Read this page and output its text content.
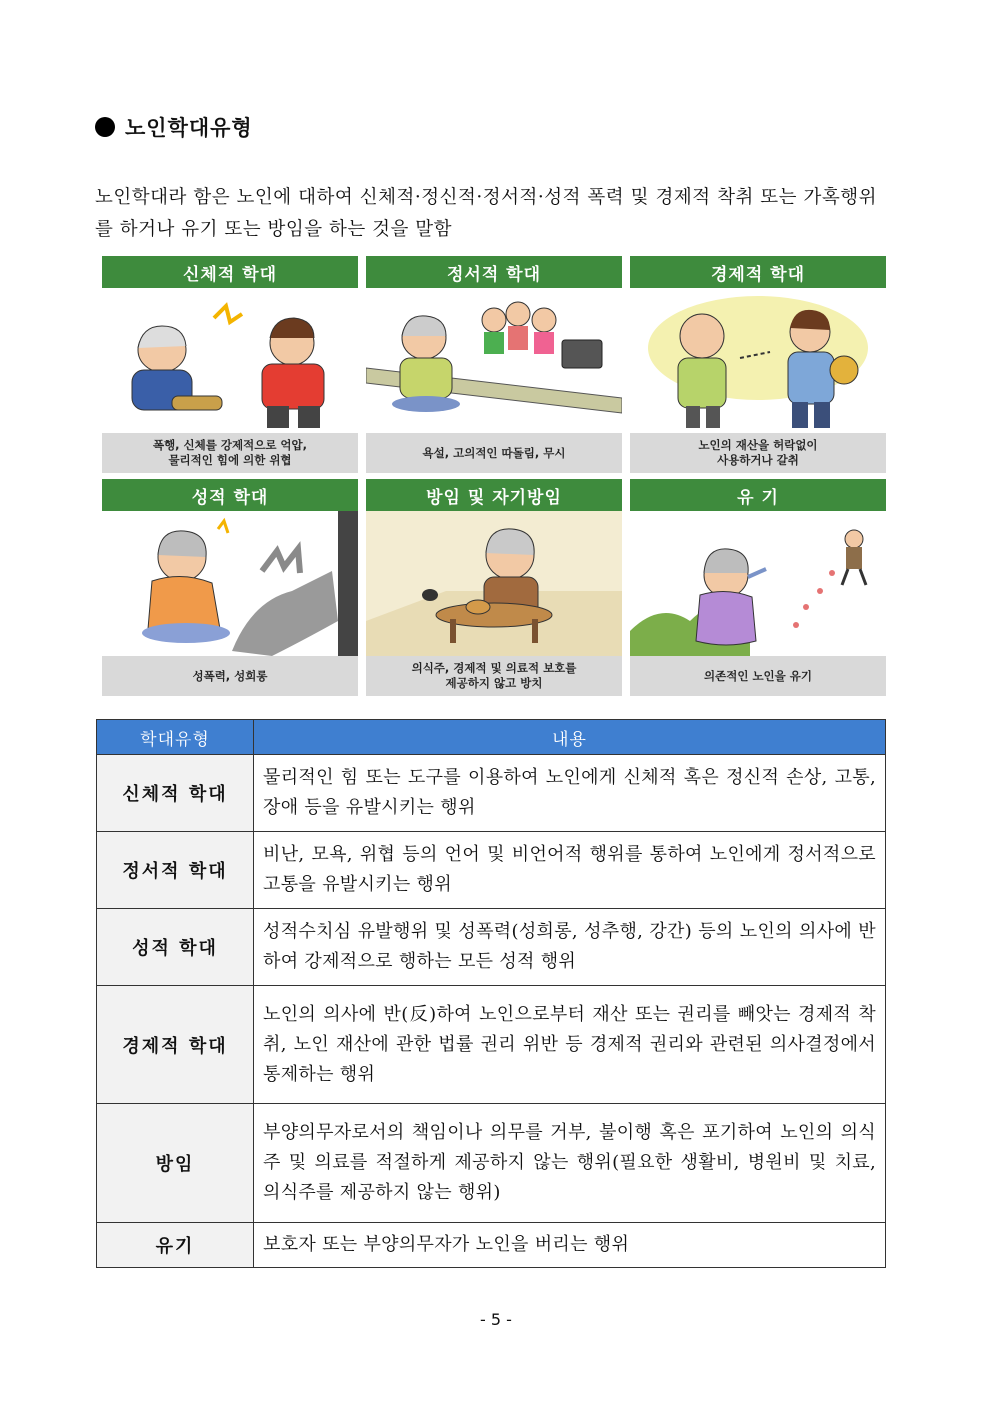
노인학대유형
노인학대라 함은 노인에 대하여 신체적·정신적·정서적·성적 폭력 및 경제적 착취 또는 가혹행위를 하거나 유기 또는 방임을 하는 것을 말함
신체적 학대
폭행, 신체를 강제적으로 억압,
물리적인 힘에 의한 위협
정서적 학대
욕설, 고의적인 따돌림, 무시
경제적 학대
노인의 재산을 허락없이
사용하거나 갈취
성적 학대
성폭력, 성희롱
방임 및 자기방임
의식주, 경제적 및 의료적 보호를
제공하지 않고 방치
유 기
의존적인 노인을 유기
학대유형	내용
신체적 학대	물리적인 힘 또는 도구를 이용하여 노인에게 신체적 혹은 정신적 손상, 고통, 장애 등을 유발시키는 행위
정서적 학대	비난, 모욕, 위협 등의 언어 및 비언어적 행위를 통하여 노인에게 정서적으로 고통을 유발시키는 행위
성적 학대	성적수치심 유발행위 및 성폭력(성희롱, 성추행, 강간) 등의 노인의 의사에 반하여 강제적으로 행하는 모든 성적 행위
경제적 학대	노인의 의사에 반(反)하여 노인으로부터 재산 또는 권리를 빼앗는 경제적 착취, 노인 재산에 관한 법률 권리 위반 등 경제적 권리와 관련된 의사결정에서 통제하는 행위
방임	부양의무자로서의 책임이나 의무를 거부, 불이행 혹은 포기하여 노인의 의식주 및 의료를 적절하게 제공하지 않는 행위(필요한 생활비, 병원비 및 치료, 의식주를 제공하지 않는 행위)
유기	보호자 또는 부양의무자가 노인을 버리는 행위
- 5 -
